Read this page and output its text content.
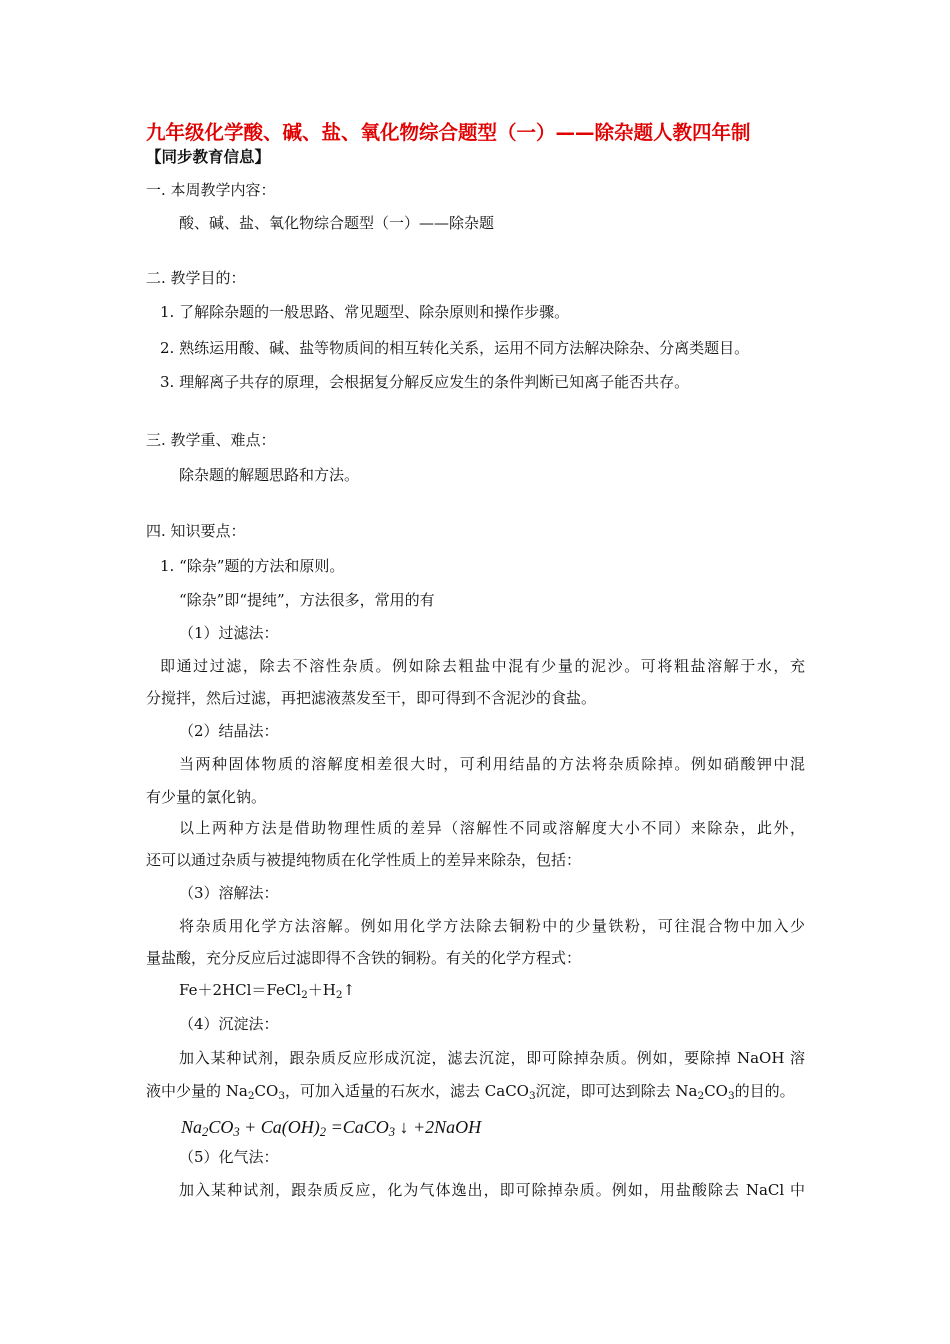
九年级化学酸、碱、盐、氧化物综合题型（一）——除杂题人教四年制
【同步教育信息】
一. 本周教学内容：
酸、碱、盐、氧化物综合题型（一）——除杂题
二. 教学目的：
1. 了解除杂题的一般思路、常见题型、除杂原则和操作步骤。
2. 熟练运用酸、碱、盐等物质间的相互转化关系，运用不同方法解决除杂、分离类题目。
3. 理解离子共存的原理，会根据复分解反应发生的条件判断已知离子能否共存。
三. 教学重、难点：
除杂题的解题思路和方法。
四. 知识要点：
1. “除杂”题的方法和原则。
“除杂”即“提纯”，方法很多，常用的有
（1）过滤法：
即通过过滤，除去不溶性杂质。例如除去粗盐中混有少量的泥沙。可将粗盐溶解于水，充
分搅拌，然后过滤，再把滤液蒸发至干，即可得到不含泥沙的食盐。
（2）结晶法：
当两种固体物质的溶解度相差很大时，可利用结晶的方法将杂质除掉。例如硝酸钾中混
有少量的氯化钠。
以上两种方法是借助物理性质的差异（溶解性不同或溶解度大小不同）来除杂，此外，
还可以通过杂质与被提纯物质在化学性质上的差异来除杂，包括：
（3）溶解法：
将杂质用化学方法溶解。例如用化学方法除去铜粉中的少量铁粉，可往混合物中加入少
量盐酸，充分反应后过滤即得不含铁的铜粉。有关的化学方程式：
$Fe+2HCl=FeCl_2+H_2↑$
（4）沉淀法：
加入某种试剂，跟杂质反应形成沉淀，滤去沉淀，即可除掉杂质。例如，要除掉 NaOH 溶
液中少量的 $Na_2CO_3$，可加入适量的石灰水，滤去 CaCO$_3$沉淀，即可达到除去 $Na_2CO_3$的目的。
$Na_2CO_3 + Ca(OH)_2$ =CaCO$_3$ ↓ +2NaOH
（5）化气法：
加入某种试剂，跟杂质反应，化为气体逸出，即可除掉杂质。例如，用盐酸除去 NaCl 中
